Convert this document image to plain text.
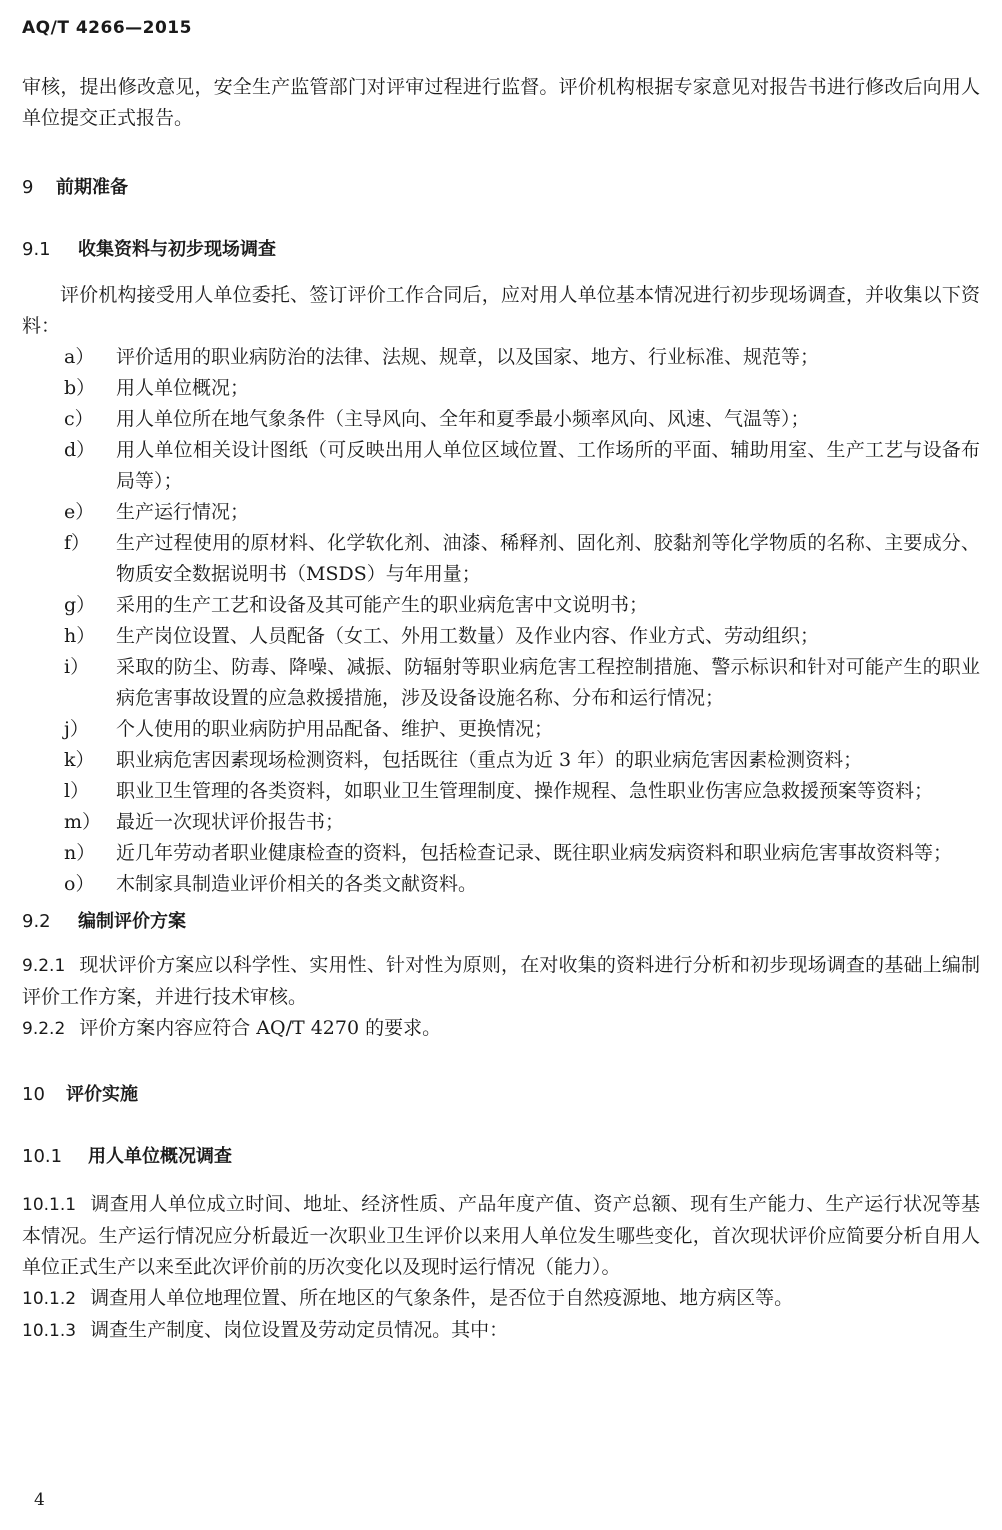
AQ/T 4266—2015

审核，提出修改意见，安全生产监管部门对评审过程进行监督。评价机构根据专家意见对报告书进行修改后向用人单位提交正式报告。

9 前期准备

9.1 收集资料与初步现场调查

评价机构接受用人单位委托、签订评价工作合同后，应对用人单位基本情况进行初步现场调查，并收集以下资料：

a）	评价适用的职业病防治的法律、法规、规章，以及国家、地方、行业标准、规范等；
b）	用人单位概况；
c）	用人单位所在地气象条件（主导风向、全年和夏季最小频率风向、风速、气温等）；
d）	用人单位相关设计图纸（可反映出用人单位区域位置、工作场所的平面、辅助用室、生产工艺与设备布局等）；
e）	生产运行情况；
f）	生产过程使用的原材料、化学软化剂、油漆、稀释剂、固化剂、胶黏剂等化学物质的名称、主要成分、物质安全数据说明书（MSDS）与年用量；
g）	采用的生产工艺和设备及其可能产生的职业病危害中文说明书；
h）	生产岗位设置、人员配备（女工、外用工数量）及作业内容、作业方式、劳动组织；
i）	采取的防尘、防毒、降噪、减振、防辐射等职业病危害工程控制措施、警示标识和针对可能产生的职业病危害事故设置的应急救援措施，涉及设备设施名称、分布和运行情况；
j）	个人使用的职业病防护用品配备、维护、更换情况；
k）	职业病危害因素现场检测资料，包括既往（重点为近 3 年）的职业病危害因素检测资料；
l）	职业卫生管理的各类资料，如职业卫生管理制度、操作规程、急性职业伤害应急救援预案等资料；
m） 最近一次现状评价报告书；
n）	近几年劳动者职业健康检查的资料，包括检查记录、既往职业病发病资料和职业病危害事故资料等；
o）	木制家具制造业评价相关的各类文献资料。

9.2 编制评价方案

9.2.1 现状评价方案应以科学性、实用性、针对性为原则，在对收集的资料进行分析和初步现场调查的基础上编制评价工作方案，并进行技术审核。

9.2.2 评价方案内容应符合 AQ/T 4270 的要求。

10 评价实施

10.1 用人单位概况调查

10.1.1 调查用人单位成立时间、地址、经济性质、产品年度产值、资产总额、现有生产能力、生产运行状况等基本情况。生产运行情况应分析最近一次职业卫生评价以来用人单位发生哪些变化，首次现状评价应简要分析自用人单位正式生产以来至此次评价前的历次变化以及现时运行情况（能力）。

10.1.2 调查用人单位地理位置、所在地区的气象条件，是否位于自然疫源地、地方病区等。

10.1.3 调查生产制度、岗位设置及劳动定员情况。其中：

4
